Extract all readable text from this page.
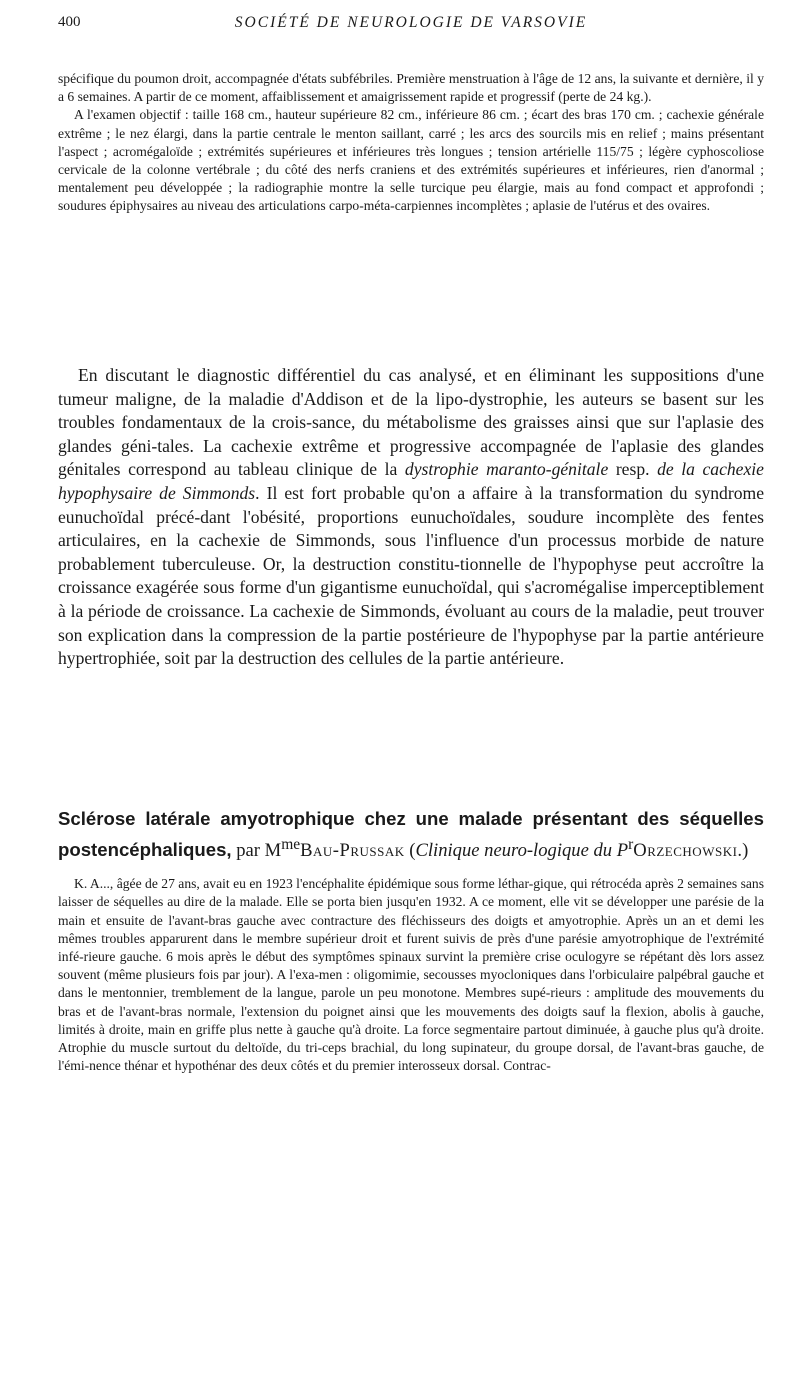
400	SOCIÉTÉ DE NEUROLOGIE DE VARSOVIE

spécifique du poumon droit, accompagnée d'états subfébriles. Première menstruation à l'âge de 12 ans, la suivante et dernière, il y a 6 semaines. A partir de ce moment, affaiblissement et amaigrissement rapide et progressif (perte de 24 kg.).

A l'examen objectif : taille 168 cm., hauteur supérieure 82 cm., inférieure 86 cm. ; écart des bras 170 cm. ; cachexie générale extrême ; le nez élargi, dans la partie centrale le menton saillant, carré ; les arcs des sourcils mis en relief ; mains présentant l'aspect ; acromégaloïde ; extrémités supérieures et inférieures très longues ; tension artérielle 115/75 ; légère cyphoscoliose cervicale de la colonne vertébrale ; du côté des nerfs craniens et des extrémités supérieures et inférieures, rien d'anormal ; mentalement peu développée ; la radiographie montre la selle turcique peu élargie, mais au fond compact et approfondi ; soudures épiphysaires au niveau des articulations carpo-méta-carpiennes incomplètes ; aplasie de l'utérus et des ovaires.

En discutant le diagnostic différentiel du cas analysé, et en éliminant les suppositions d'une tumeur maligne, de la maladie d'Addison et de la lipo-dystrophie, les auteurs se basent sur les troubles fondamentaux de la crois-sance, du métabolisme des graisses ainsi que sur l'aplasie des glandes géni-tales. La cachexie extrême et progressive accompagnée de l'aplasie des glandes génitales correspond au tableau clinique de la dystrophie maranto-génitale resp. de la cachexie hypophysaire de Simmonds. Il est fort probable qu'on a affaire à la transformation du syndrome eunuchoïdal précé-dant l'obésité, proportions eunuchoïdales, soudure incomplète des fentes articulaires, en la cachexie de Simmonds, sous l'influence d'un processus morbide de nature probablement tuberculeuse. Or, la destruction constitu-tionnelle de l'hypophyse peut accroître la croissance exagérée sous forme d'un gigantisme eunuchoïdal, qui s'acromégalise imperceptiblement à la période de croissance. La cachexie de Simmonds, évoluant au cours de la maladie, peut trouver son explication dans la compression de la partie postérieure de l'hypophyse par la partie antérieure hypertrophiée, soit par la destruction des cellules de la partie antérieure.

Sclérose latérale amyotrophique chez une malade présentant des séquelles postencéphaliques, par $M^{me}Bau$-Prussak (Clinique neuro-logique du $P^rOrzechowski$.)

K. A..., âgée de 27 ans, avait eu en 1923 l'encéphalite épidémique sous forme léthar-gique, qui rétrocéda après 2 semaines sans laisser de séquelles au dire de la malade. Elle se porta bien jusqu'en 1932. A ce moment, elle vit se développer une parésie de la main et ensuite de l'avant-bras gauche avec contracture des fléchisseurs des doigts et amyotrophie. Après un an et demi les mêmes troubles apparurent dans le membre supérieur droit et furent suivis de près d'une parésie amyotrophique de l'extrémité infé-rieure gauche. 6 mois après le début des symptômes spinaux survint la première crise oculogyre se répétant dès lors assez souvent (même plusieurs fois par jour). A l'exa-men : oligomimie, secousses myocloniques dans l'orbiculaire palpébral gauche et dans le mentonnier, tremblement de la langue, parole un peu monotone. Membres supé-rieurs : amplitude des mouvements du bras et de l'avant-bras normale, l'extension du poignet ainsi que les mouvements des doigts sauf la flexion, abolis à gauche, limités à droite, main en griffe plus nette à gauche qu'à droite. La force segmentaire partout diminuée, à gauche plus qu'à droite. Atrophie du muscle surtout du deltoïde, du tri-ceps brachial, du long supinateur, du groupe dorsal, de l'avant-bras gauche, de l'émi-nence thénar et hypothénar des deux côtés et du premier interosseux dorsal. Contrac-
